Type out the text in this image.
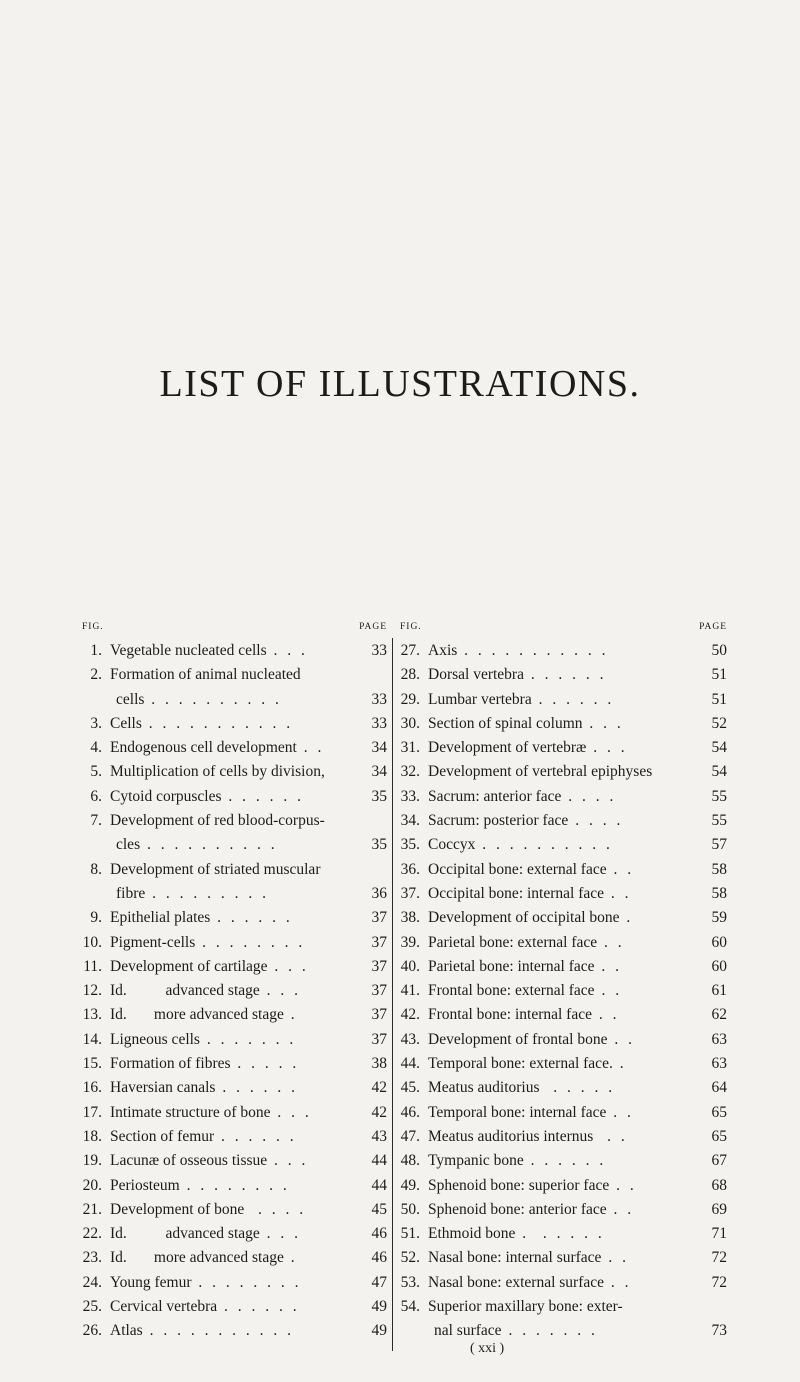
LIST OF ILLUSTRATIONS.
FIG.	PAGE
1. Vegetable nucleated cells . . .	33
2. Formation of animal nucleated
cells . . . . . . . . . .	33
3. Cells . . . . . . . . . . .	33
4. Endogenous cell development . .	34
5. Multiplication of cells by division,	34
6. Cytoid corpuscles . . . . . .	35
7. Development of red blood-corpus-
cles . . . . . . . . . .	35
8. Development of striated muscular
fibre . . . . . . . . .	36
9. Epithelial plates . . . . . .	37
10. Pigment-cells . . . . . . . .	37
11. Development of cartilage . . .	37
12. Id.          advanced stage . . .	37
13. Id.       more advanced stage .	37
14. Ligneous cells . . . . . . .	37
15. Formation of fibres . . . . .	38
16. Haversian canals . . . . . .	42
17. Intimate structure of bone . . .	42
18. Section of femur . . . . . .	43
19. Lacunæ of osseous tissue . . .	44
20. Periosteum . . . . . . . .	44
21. Development of bone  . . . .	45
22. Id.          advanced stage . . .	46
23. Id.       more advanced stage .	46
24. Young femur . . . . . . . .	47
25. Cervical vertebra . . . . . .	49
26. Atlas . . . . . . . . . . .	49
FIG.	PAGE
27. Axis . . . . . . . . . . .	50
28. Dorsal vertebra . . . . . .	51
29. Lumbar vertebra . . . . . .	51
30. Section of spinal column . . .	52
31. Development of vertebræ . . .	54
32. Development of vertebral epiphyses	54
33. Sacrum: anterior face . . . .	55
34. Sacrum: posterior face . . . .	55
35. Coccyx . . . . . . . . . .	57
36. Occipital bone: external face . .	58
37. Occipital bone: internal face . .	58
38. Development of occipital bone .	59
39. Parietal bone: external face . .	60
40. Parietal bone: internal face . .	60
41. Frontal bone: external face . .	61
42. Frontal bone: internal face . .	62
43. Development of frontal bone . .	63
44. Temporal bone: external face. .	63
45. Meatus auditorius  . . . . .	64
46. Temporal bone: internal face . .	65
47. Meatus auditorius internus  . .	65
48. Tympanic bone . . . . . .	67
49. Sphenoid bone: superior face . .	68
50. Sphenoid bone: anterior face . .	69
51. Ethmoid bone .  . . . . .	71
52. Nasal bone: internal surface . .	72
53. Nasal bone: external surface . .	72
54. Superior maxillary bone: exter-
nal surface . . . . . . .	73
( xxi )
